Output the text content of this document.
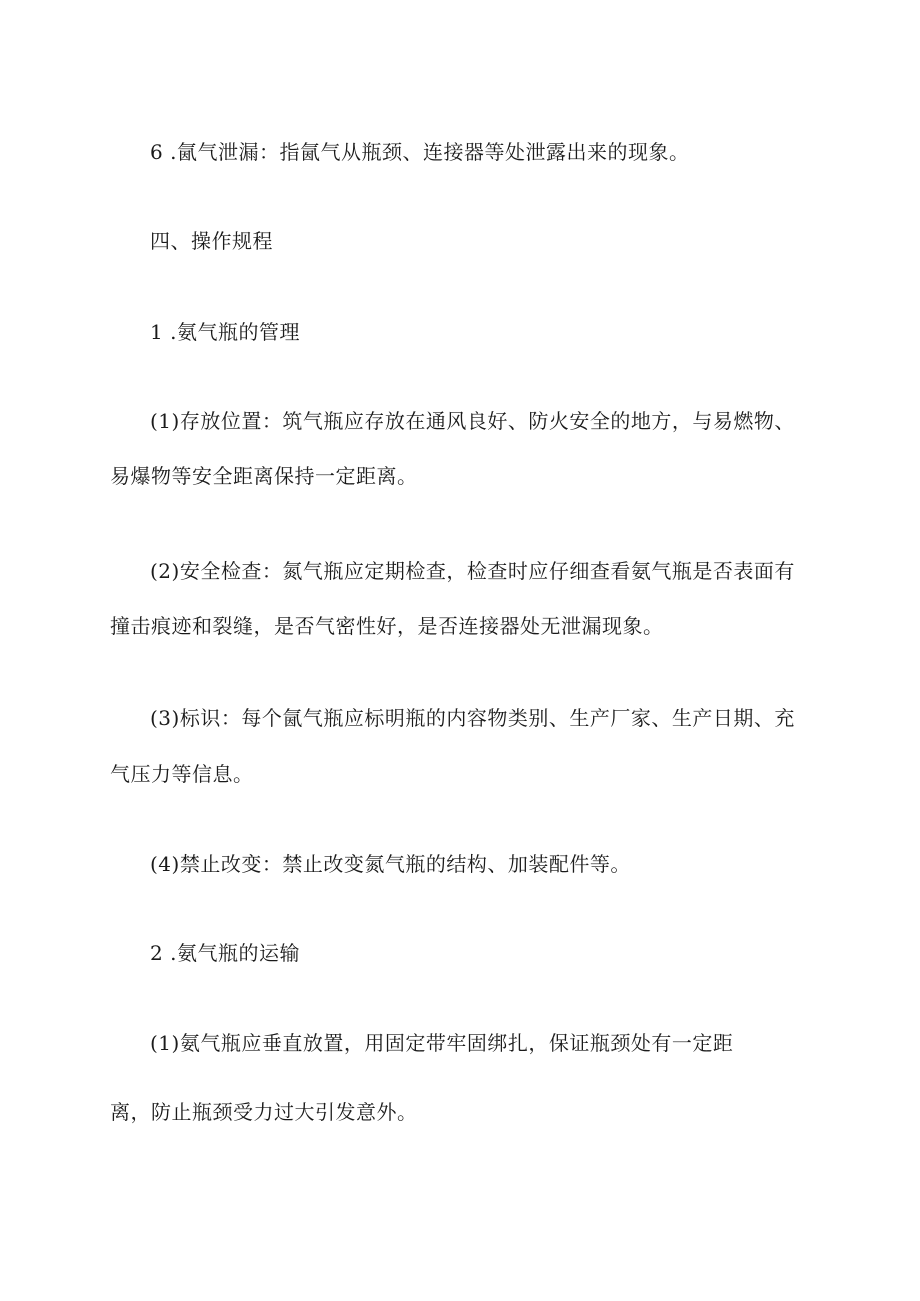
6 .氤气泄漏：指氤气从瓶颈、连接器等处泄露出来的现象。
四、操作规程
1 .氨气瓶的管理
(1)存放位置：筑气瓶应存放在通风良好、防火安全的地方，与易燃物、
易爆物等安全距离保持一定距离。
(2)安全检查：氮气瓶应定期检查，检查时应仔细查看氨气瓶是否表面有
撞击痕迹和裂缝，是否气密性好，是否连接器处无泄漏现象。
(3)标识：每个氤气瓶应标明瓶的内容物类别、生产厂家、生产日期、充
气压力等信息。
(4)禁止改变：禁止改变氮气瓶的结构、加装配件等。
2 .氨气瓶的运输
(1)氨气瓶应垂直放置，用固定带牢固绑扎，保证瓶颈处有一定距
离，防止瓶颈受力过大引发意外。
